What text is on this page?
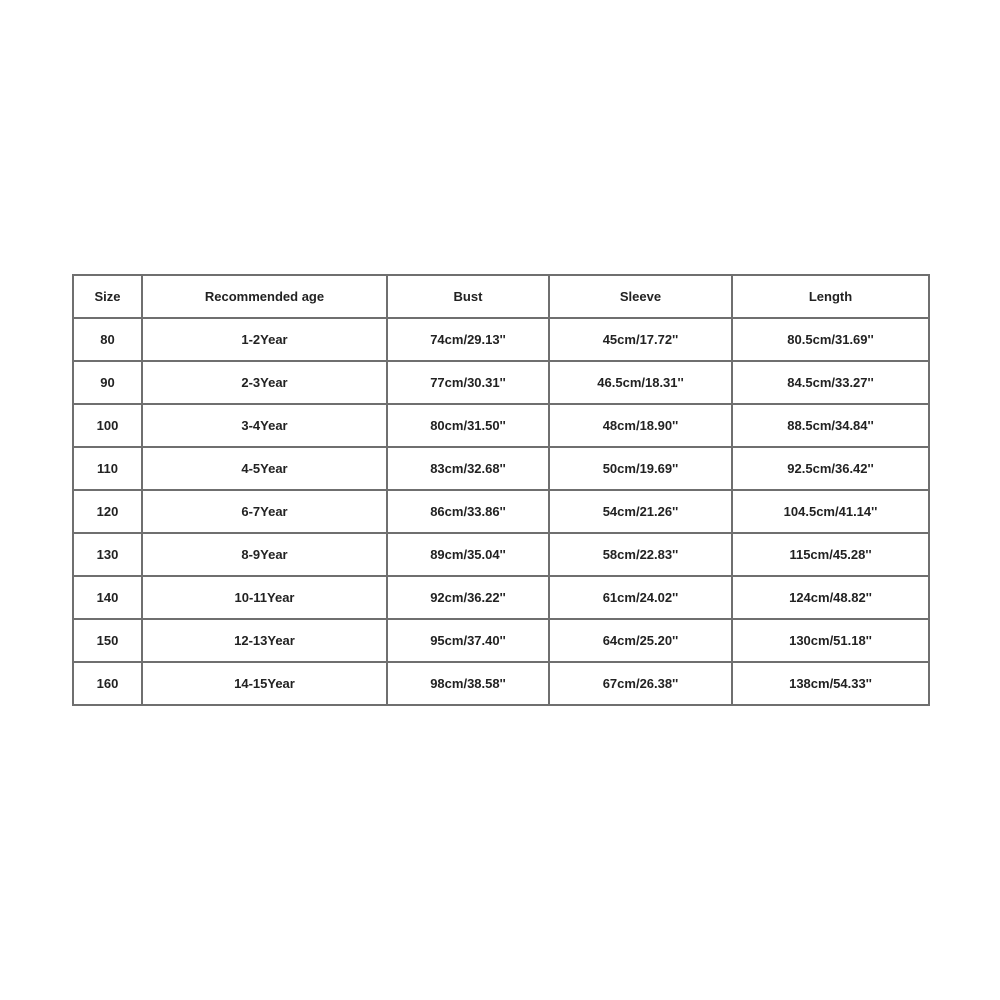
Size	Recommended age	Bust	Sleeve	Length
80	1-2Year	74cm/29.13''	45cm/17.72''	80.5cm/31.69''
90	2-3Year	77cm/30.31''	46.5cm/18.31''	84.5cm/33.27''
100	3-4Year	80cm/31.50''	48cm/18.90''	88.5cm/34.84''
110	4-5Year	83cm/32.68''	50cm/19.69''	92.5cm/36.42''
120	6-7Year	86cm/33.86''	54cm/21.26''	104.5cm/41.14''
130	8-9Year	89cm/35.04''	58cm/22.83''	115cm/45.28''
140	10-11Year	92cm/36.22''	61cm/24.02''	124cm/48.82''
150	12-13Year	95cm/37.40''	64cm/25.20''	130cm/51.18''
160	14-15Year	98cm/38.58''	67cm/26.38''	138cm/54.33''
